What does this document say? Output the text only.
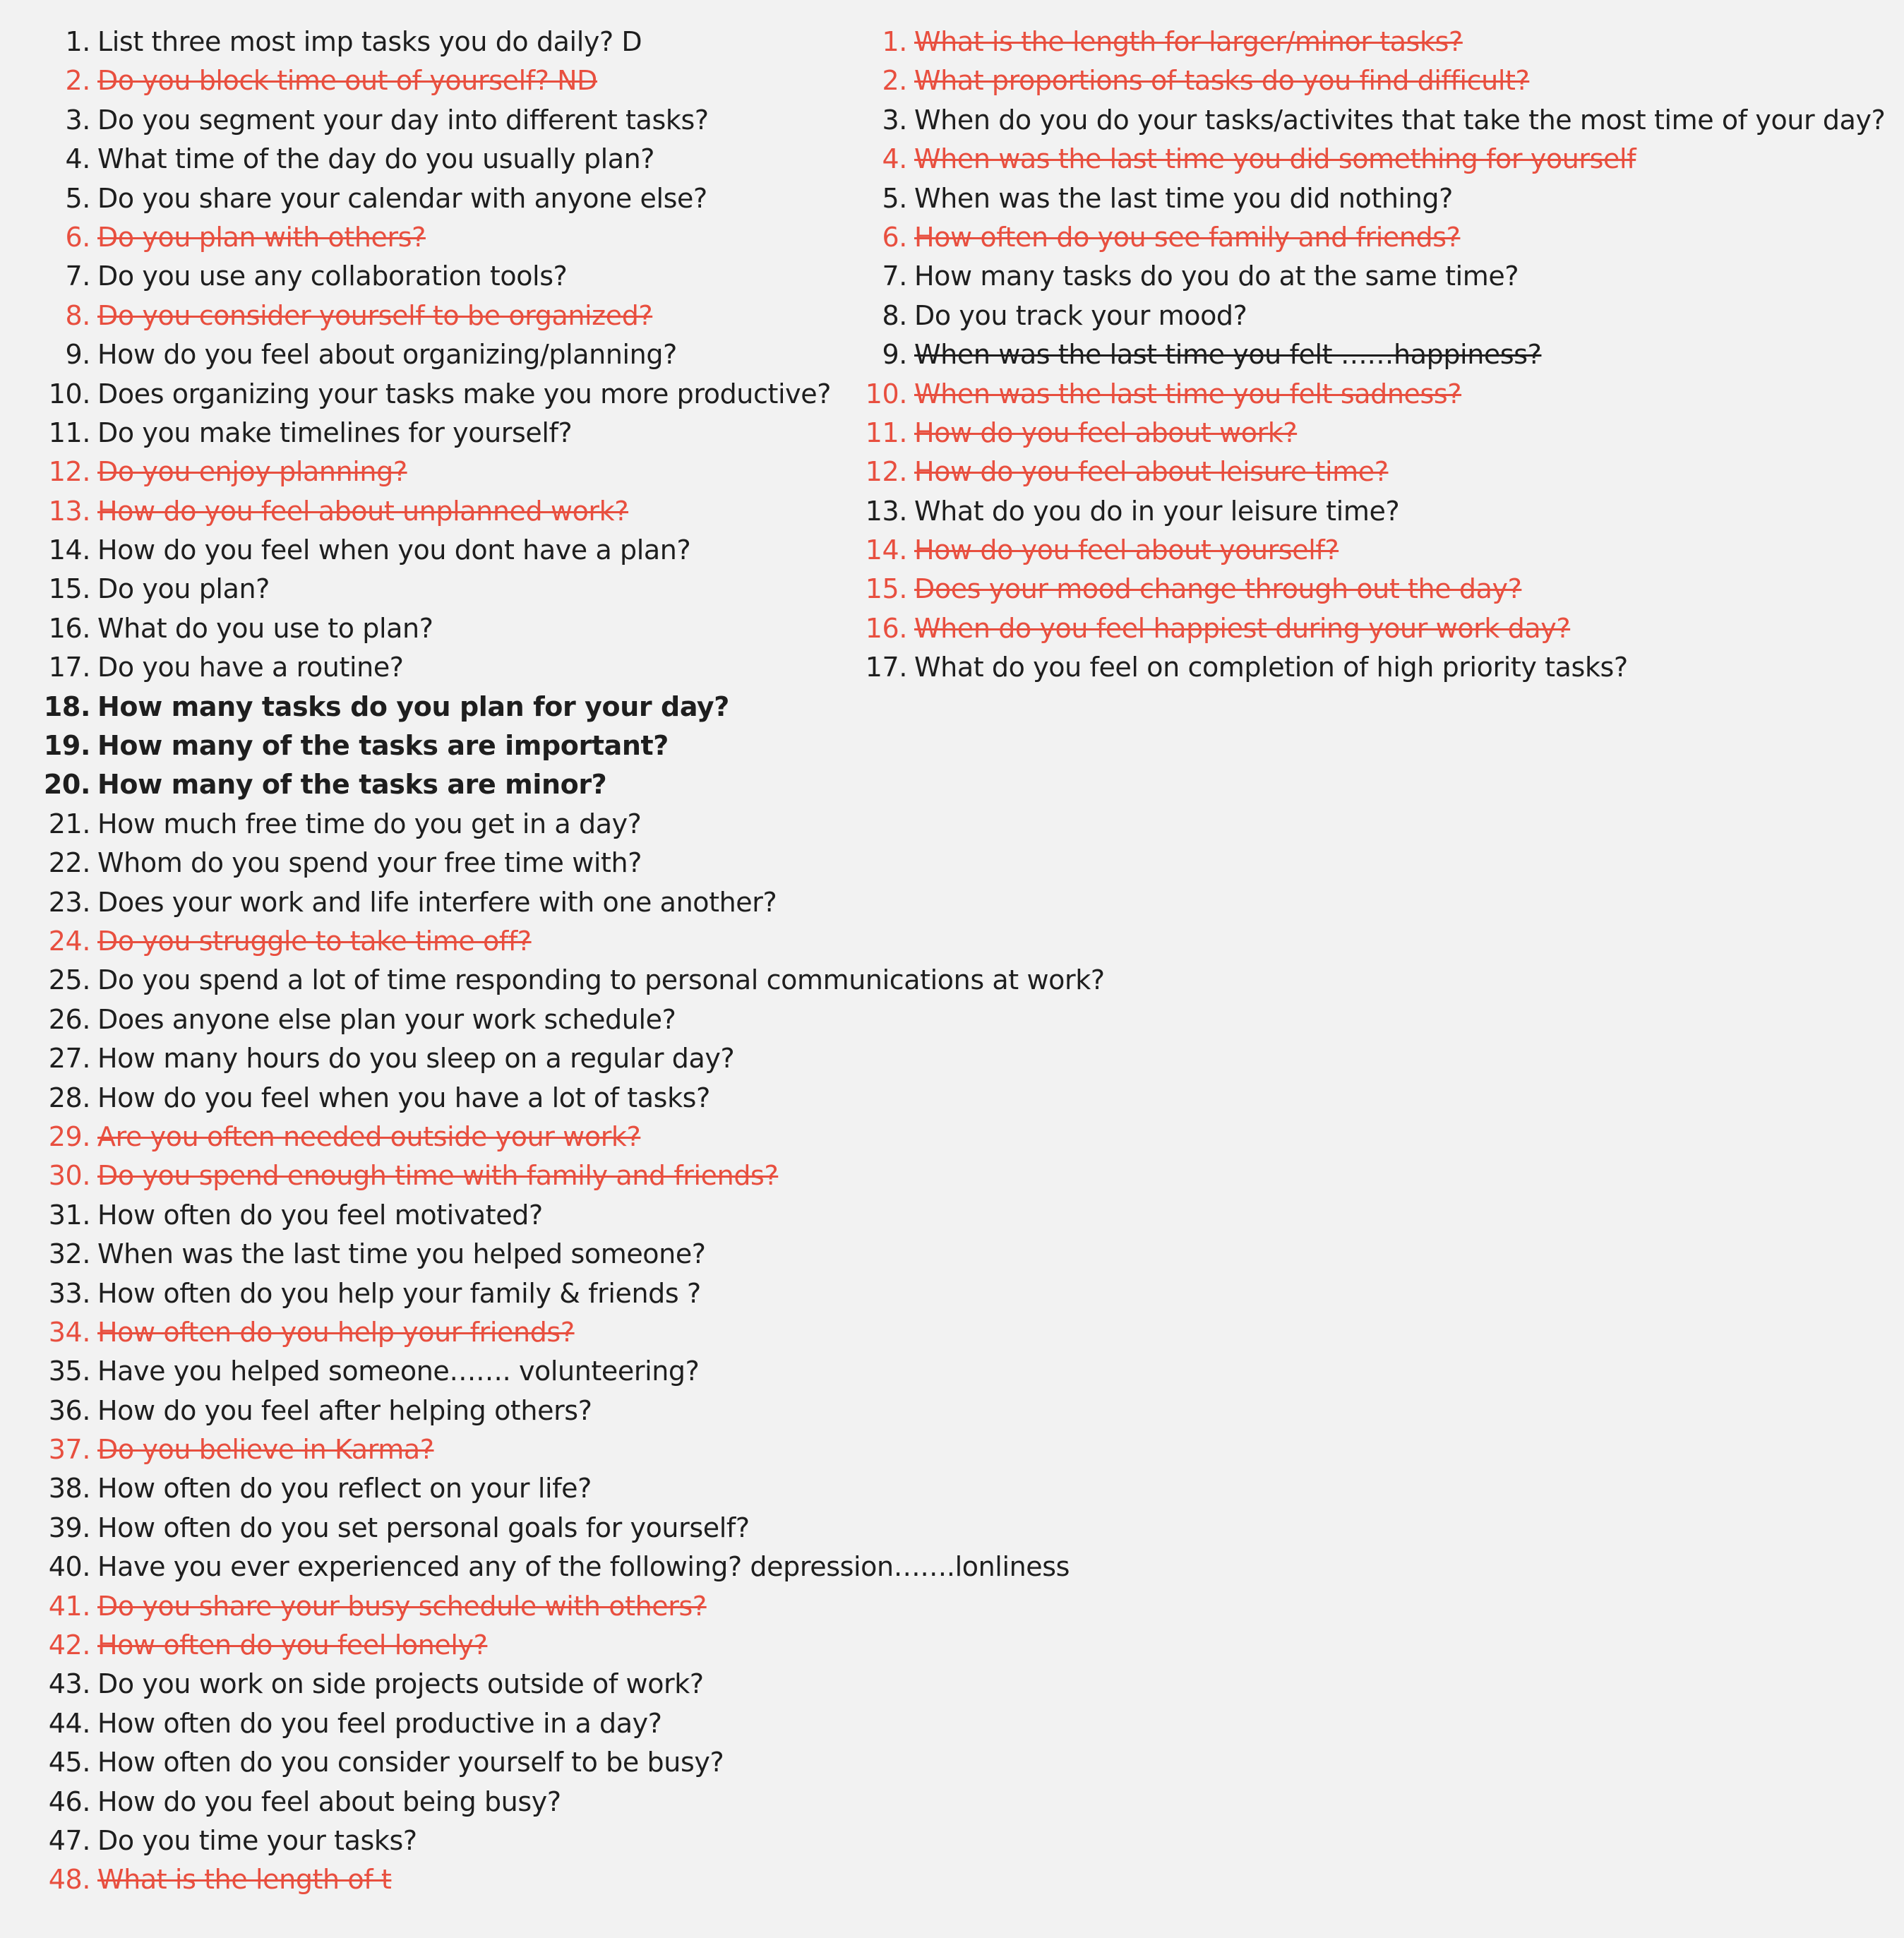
1. List three most imp tasks you do daily? D
2. Do you block time out of yourself? ND
3. Do you segment your day into different tasks?
4. What time of the day do you usually plan?
5. Do you share your calendar with anyone else?
6. Do you plan with others?
7. Do you use any collaboration tools?
8. Do you consider yourself to be organized?
9. How do you feel about organizing/planning?
10. Does organizing your tasks make you more productive?
11. Do you make timelines for yourself?
12. Do you enjoy planning?
13. How do you feel about unplanned work?
14. How do you feel when you dont have a plan?
15. Do you plan?
16. What do you use to plan?
17. Do you have a routine?
18. How many tasks do you plan for your day?
19. How many of the tasks are important?
20. How many of the tasks are minor?
21. How much free time do you get in a day?
22. Whom do you spend your free time with?
23. Does your work and life interfere with one another?
24. Do you struggle to take time off?
25. Do you spend a lot of time responding to personal communications at work?
26. Does anyone else plan your work schedule?
27. How many hours do you sleep on a regular day?
28. How do you feel when you have a lot of tasks?
29. Are you often needed outside your work?
30. Do you spend enough time with family and friends?
31. How often do you feel motivated?
32. When was the last time you helped someone?
33. How often do you help your family & friends ?
34. How often do you help your friends?
35. Have you helped someone……. volunteering?
36. How do you feel after helping others?
37. Do you believe in Karma?
38. How often do you reflect on your life?
39. How often do you set personal goals for yourself?
40. Have you ever experienced any of the following? depression…….lonliness
41. Do you share your busy schedule with others?
42. How often do you feel lonely?
43. Do you work on side projects outside of work?
44. How often do you feel productive in a day?
45. How often do you consider yourself to be busy?
46. How do you feel about being busy?
47. Do you time your tasks?
48. What is the length of t
1. What is the length for larger/minor tasks?
2. What proportions of tasks do you find difficult?
3. When do you do your tasks/activites that take the most time of your day?
4. When was the last time you did something for yourself
5. When was the last time you did nothing?
6. How often do you see family and friends?
7. How many tasks do you do at the same time?
8. Do you track your mood?
9. When was the last time you felt ……happiness?
10. When was the last time you felt sadness?
11. How do you feel about work?
12. How do you feel about leisure time?
13. What do you do in your leisure time?
14. How do you feel about yourself?
15. Does your mood change through out the day?
16. When do you feel happiest during your work day?
17. What do you feel on completion of high priority tasks?
